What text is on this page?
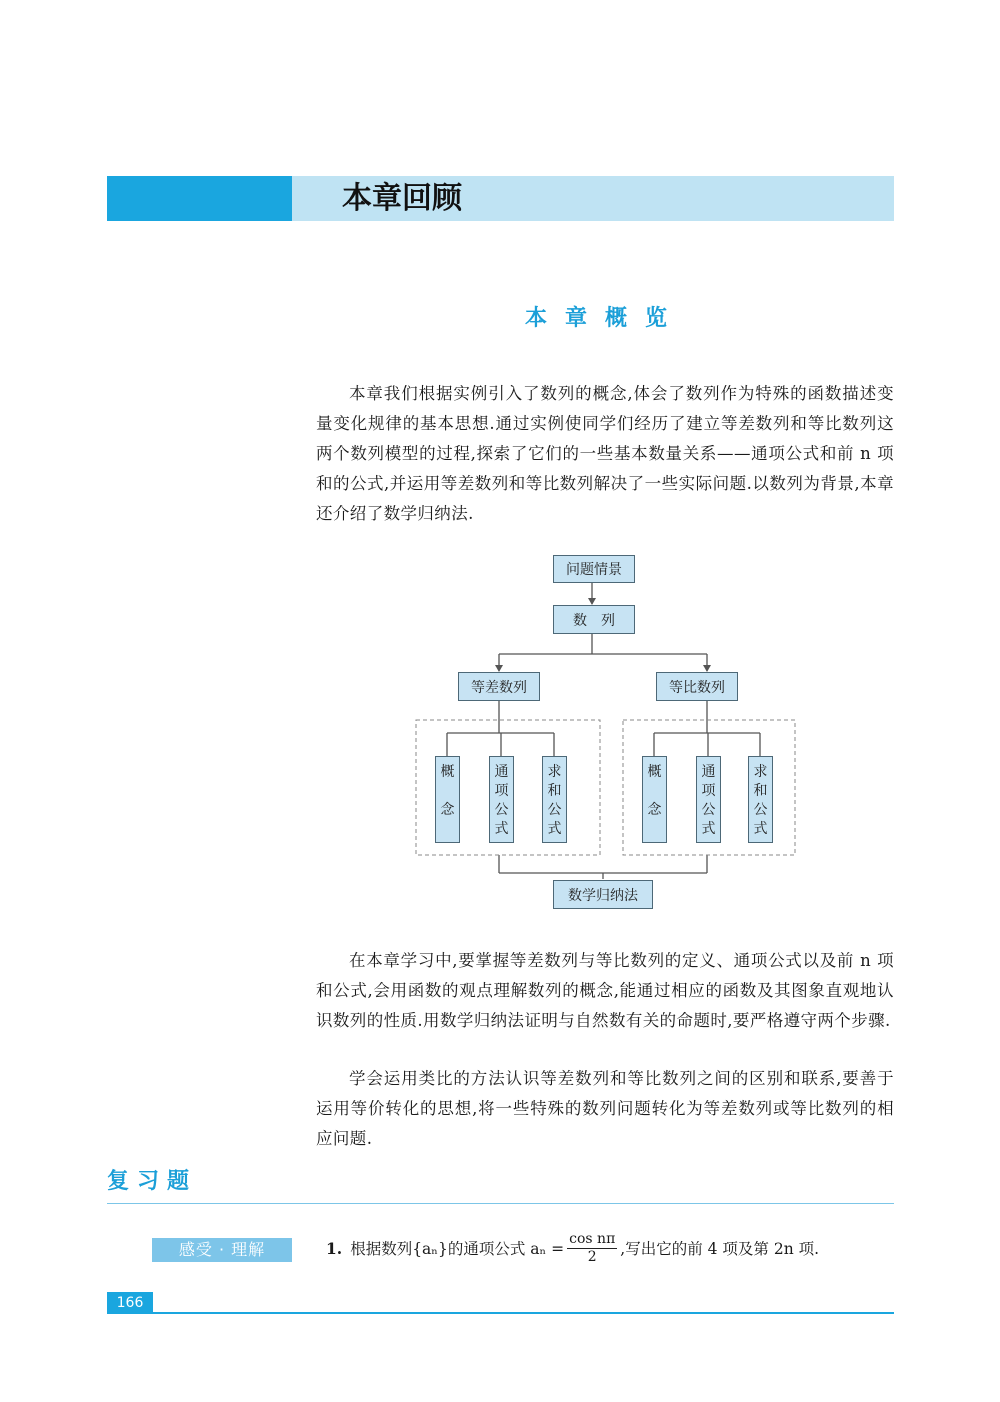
本章回顾
本章概览

本章我们根据实例引入了数列的概念,体会了数列作为特殊的函数描述变量变化规律的基本思想.通过实例使同学们经历了建立等差数列和等比数列这两个数列模型的过程,探索了它们的一些基本数量关系——通项公式和前 n 项和的公式,并运用等差数列和等比数列解决了一些实际问题.以数列为背景,本章还介绍了数学归纳法.

问题情景
数　列
等差数列	等比数列
概

念
通
项
公
式
求
和
公
式
概

念
通
项
公
式
求
和
公
式
数学归纳法

在本章学习中,要掌握等差数列与等比数列的定义、通项公式以及前 n 项和公式,会用函数的观点理解数列的概念,能通过相应的函数及其图象直观地认识数列的性质.用数学归纳法证明与自然数有关的命题时,要严格遵守两个步骤.

学会运用类比的方法认识等差数列和等比数列之间的区别和联系,要善于运用等价转化的思想,将一些特殊的数列问题转化为等差数列或等比数列的相应问题.

复习题
感受 · 理解	1. 根据数列{aₙ}的通项公式 $a_n = \frac{\text{cos nπ}}{2}$ ,写出它的前 4 项及第 2n 项.
166
